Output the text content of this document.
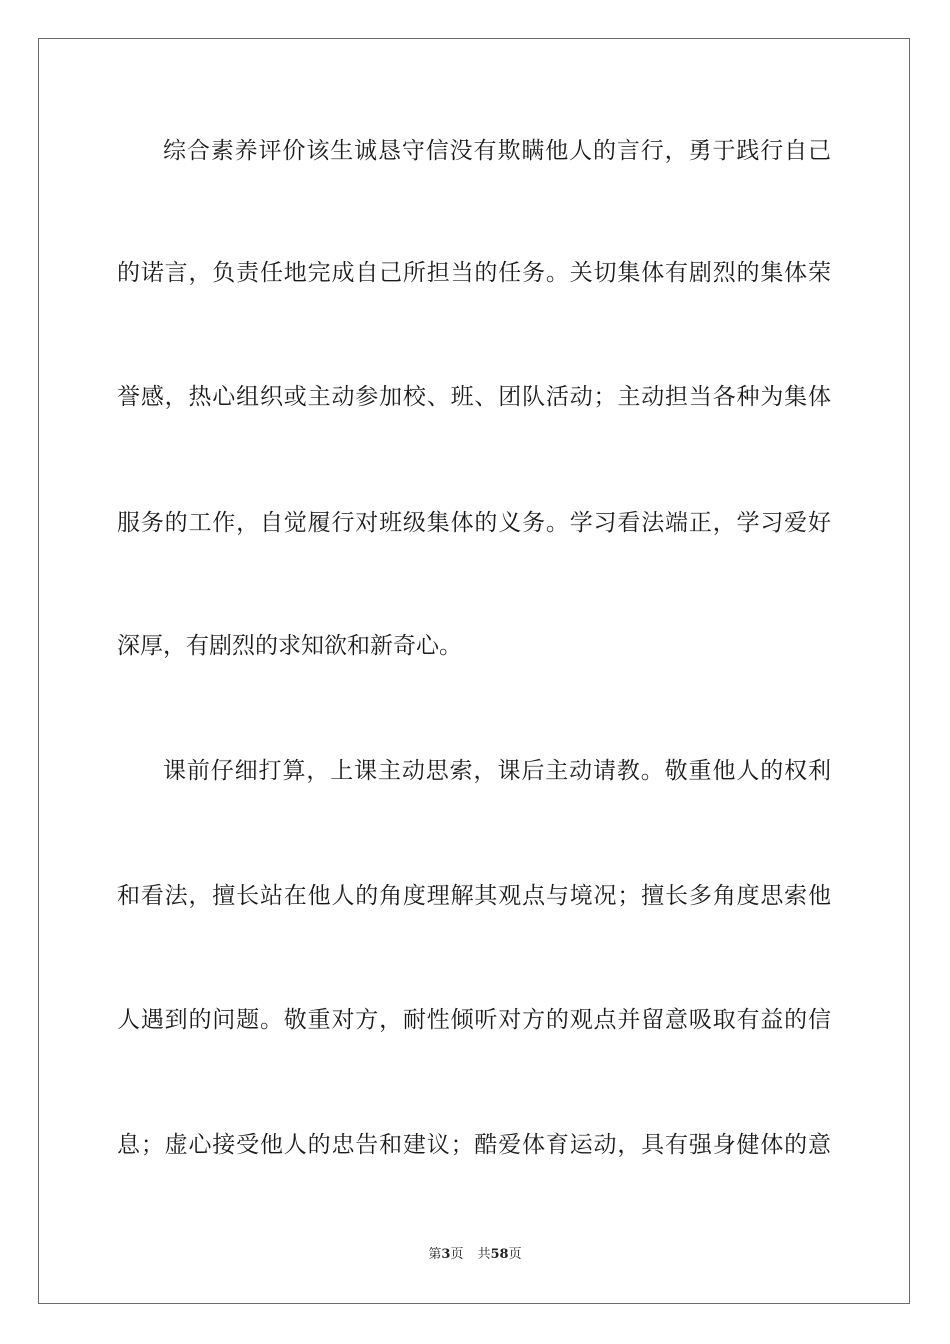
综合素养评价该生诚恳守信没有欺瞒他人的言行，勇于践行自己
的诺言，负责任地完成自己所担当的任务。关切集体有剧烈的集体荣
誉感，热心组织或主动参加校、班、团队活动；主动担当各种为集体
服务的工作，自觉履行对班级集体的义务。学习看法端正，学习爱好
深厚，有剧烈的求知欲和新奇心。
课前仔细打算，上课主动思索，课后主动请教。敬重他人的权利
和看法，擅长站在他人的角度理解其观点与境况；擅长多角度思索他
人遇到的问题。敬重对方，耐性倾听对方的观点并留意吸取有益的信
息；虚心接受他人的忠告和建议；酷爱体育运动，具有强身健体的意
第3页 共58页
